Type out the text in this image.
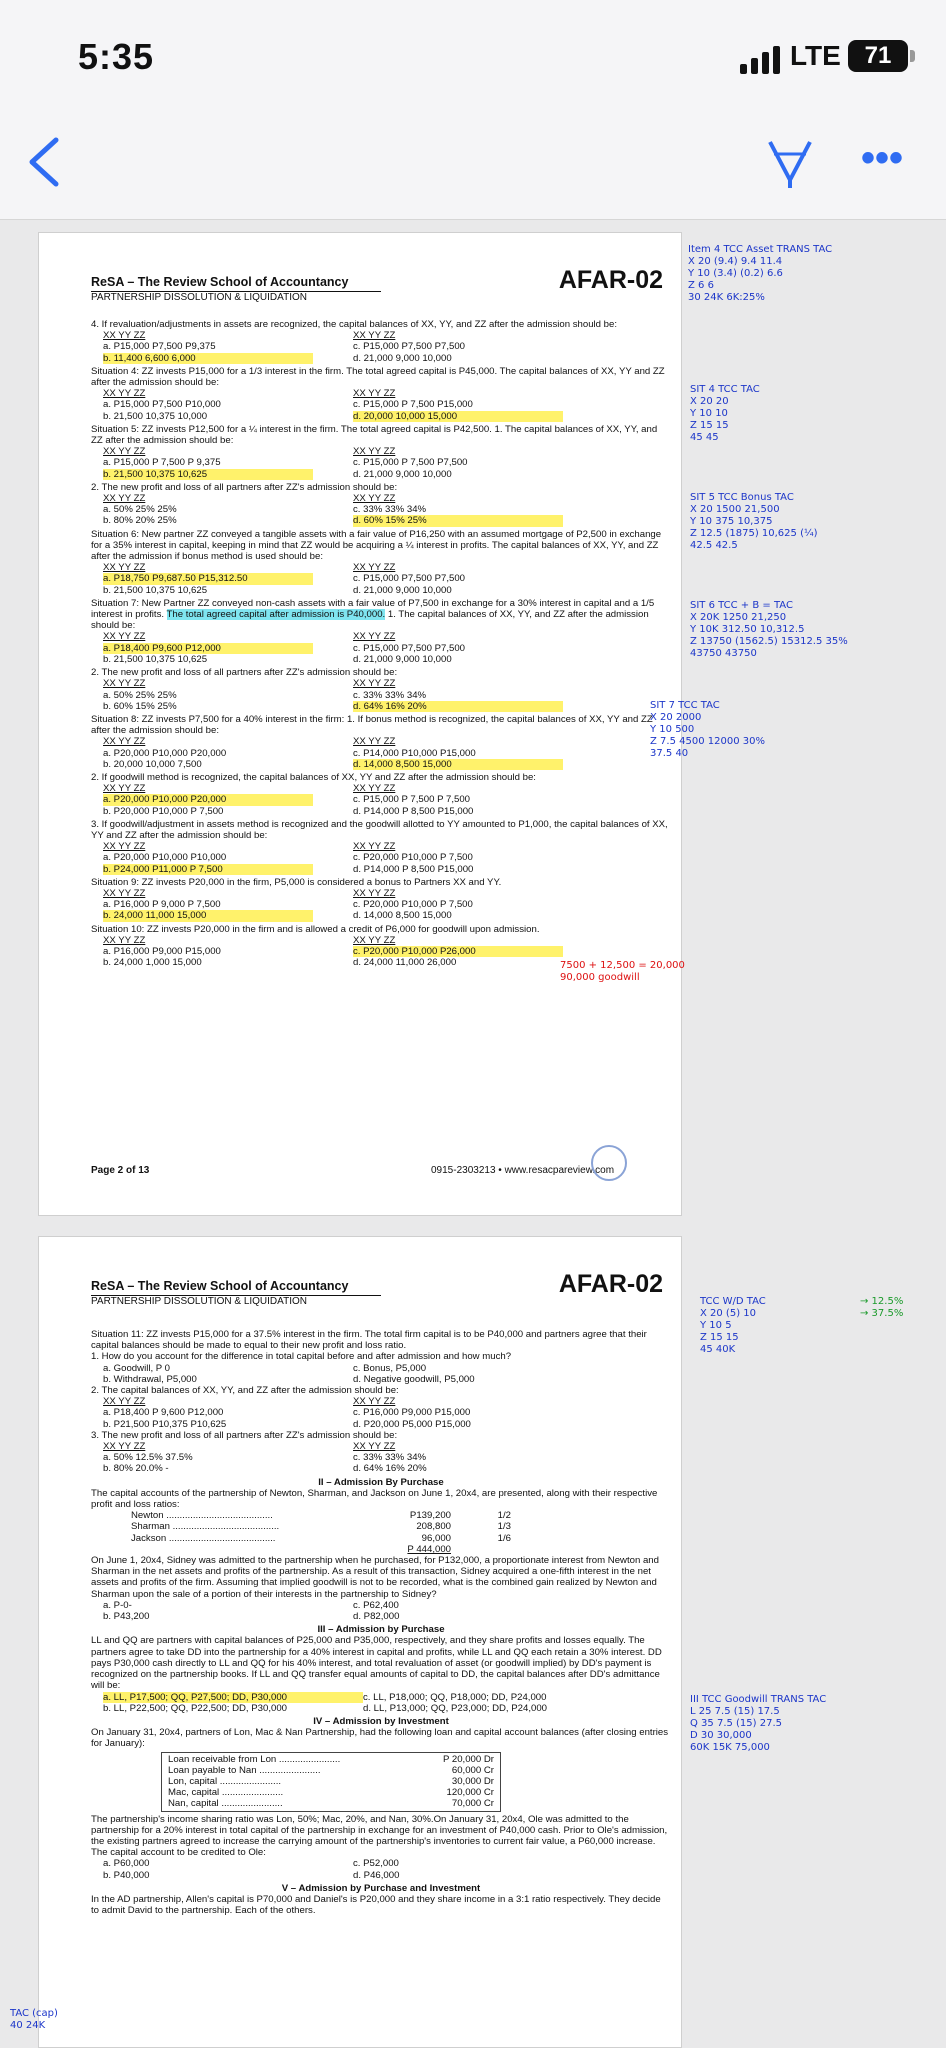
5:35	LTE 71
•••
ReSA – The Review School of Accountancy
PARTNERSHIP DISSOLUTION & LIQUIDATION
AFAR-02
4. If revaluation/adjustments in assets are recognized, the capital balances of XX, YY, and ZZ after the admission should be:
XX YY ZZ	XX YY ZZ
a. P15,000 P7,500 P9,375	c. P15,000 P7,500 P7,500
b. 11,400 6,600 6,000	d. 21,000 9,000 10,000
Situation 4: ZZ invests P15,000 for a 1/3 interest in the firm. The total agreed capital is P45,000. The capital balances of XX, YY and ZZ after the admission should be:
XX YY ZZ	XX YY ZZ
a. P15,000 P7,500 P10,000	c. P15,000 P 7,500 P15,000
b. 21,500 10,375 10,000	d. 20,000 10,000 15,000
Situation 5: ZZ invests P12,500 for a ¼ interest in the firm. The total agreed capital is P42,500. 1. The capital balances of XX, YY, and ZZ after the admission should be:
XX YY ZZ	XX YY ZZ
a. P15,000 P 7,500 P 9,375	c. P15,000 P 7,500 P7,500
b. 21,500 10,375 10,625	d. 21,000 9,000 10,000
2. The new profit and loss of all partners after ZZ's admission should be:
XX YY ZZ	XX YY ZZ
a. 50% 25% 25%	c. 33% 33% 34%
b. 80% 20% 25%	d. 60% 15% 25%
Situation 6: New partner ZZ conveyed a tangible assets with a fair value of P16,250 with an assumed mortgage of P2,500 in exchange for a 35% interest in capital, keeping in mind that ZZ would be acquiring a ¼ interest in profits. The capital balances of XX, YY, and ZZ after the admission if bonus method is used should be:
XX YY ZZ	XX YY ZZ
a. P18,750 P9,687.50 P15,312.50	c. P15,000 P7,500 P7,500
b. 21,500 10,375 10,625	d. 21,000 9,000 10,000
Situation 7: New Partner ZZ conveyed non-cash assets with a fair value of P7,500 in exchange for a 30% interest in capital and a 1/5 interest in profits. The total agreed capital after admission is P40,000. 1. The capital balances of XX, YY, and ZZ after the admission should be:
XX YY ZZ	XX YY ZZ
a. P18,400 P9,600 P12,000	c. P15,000 P7,500 P7,500
b. 21,500 10,375 10,625	d. 21,000 9,000 10,000
2. The new profit and loss of all partners after ZZ's admission should be:
XX YY ZZ	XX YY ZZ
a. 50% 25% 25%	c. 33% 33% 34%
b. 60% 15% 25%	d. 64% 16% 20%
Situation 8: ZZ invests P7,500 for a 40% interest in the firm: 1. If bonus method is recognized, the capital balances of XX, YY and ZZ after the admission should be:
XX YY ZZ	XX YY ZZ
a. P20,000 P10,000 P20,000	c. P14,000 P10,000 P15,000
b. 20,000 10,000 7,500	d. 14,000 8,500 15,000
2. If goodwill method is recognized, the capital balances of XX, YY and ZZ after the admission should be:
XX YY ZZ	XX YY ZZ
a. P20,000 P10,000 P20,000	c. P15,000 P 7,500 P 7,500
b. P20,000 P10,000 P 7,500	d. P14,000 P 8,500 P15,000
3. If goodwill/adjustment in assets method is recognized and the goodwill allotted to YY amounted to P1,000, the capital balances of XX, YY and ZZ after the admission should be:
XX YY ZZ	XX YY ZZ
a. P20,000 P10,000 P10,000	c. P20,000 P10,000 P 7,500
b. P24,000 P11,000 P 7,500	d. P14,000 P 8,500 P15,000
Situation 9: ZZ invests P20,000 in the firm, P5,000 is considered a bonus to Partners XX and YY.
XX YY ZZ	XX YY ZZ
a. P16,000 P 9,000 P 7,500	c. P20,000 P10,000 P 7,500
b. 24,000 11,000 15,000	d. 14,000 8,500 15,000
Situation 10: ZZ invests P20,000 in the firm and is allowed a credit of P6,000 for goodwill upon admission.
XX YY ZZ	XX YY ZZ
a. P16,000 P9,000 P15,000	c. P20,000 P10,000 P26,000
b. 24,000 1,000 15,000	d. 24,000 11,000 26,000
Page 2 of 13	0915-2303213 • www.resacpareview.com
ReSA – The Review School of Accountancy
PARTNERSHIP DISSOLUTION & LIQUIDATION
AFAR-02
Situation 11: ZZ invests P15,000 for a 37.5% interest in the firm. The total firm capital is to be P40,000 and partners agree that their capital balances should be made to equal to their new profit and loss ratio.
1. How do you account for the difference in total capital before and after admission and how much?
a. Goodwill, P 0	c. Bonus, P5,000
b. Withdrawal, P5,000	d. Negative goodwill, P5,000
2. The capital balances of XX, YY, and ZZ after the admission should be:
XX YY ZZ	XX YY ZZ
a. P18,400 P 9,600 P12,000	c. P16,000 P9,000 P15,000
b. P21,500 P10,375 P10,625	d. P20,000 P5,000 P15,000
3. The new profit and loss of all partners after ZZ's admission should be:
XX YY ZZ	XX YY ZZ
a. 50% 12.5% 37.5%	c. 33% 33% 34%
b. 80% 20.0% -	d. 64% 16% 20%
II – Admission By Purchase
The capital accounts of the partnership of Newton, Sharman, and Jackson on June 1, 20x4, are presented, along with their respective profit and loss ratios:
Newton ........................................	P139,200	1/2
Sharman ........................................	208,800	1/3
Jackson ........................................	96,000	1/6
P 444,000
On June 1, 20x4, Sidney was admitted to the partnership when he purchased, for P132,000, a proportionate interest from Newton and Sharman in the net assets and profits of the partnership. As a result of this transaction, Sidney acquired a one-fifth interest in the net assets and profits of the firm. Assuming that implied goodwill is not to be recorded, what is the combined gain realized by Newton and Sharman upon the sale of a portion of their interests in the partnership to Sidney?
a. P-0-	c. P62,400
b. P43,200	d. P82,000
III – Admission by Purchase
LL and QQ are partners with capital balances of P25,000 and P35,000, respectively, and they share profits and losses equally. The partners agree to take DD into the partnership for a 40% interest in capital and profits, while LL and QQ each retain a 30% interest. DD pays P30,000 cash directly to LL and QQ for his 40% interest, and total revaluation of asset (or goodwill implied) by DD's payment is recognized on the partnership books. If LL and QQ transfer equal amounts of capital to DD, the capital balances after DD's admittance will be:
a. LL, P17,500; QQ, P27,500; DD, P30,000	c. LL, P18,000; QQ, P18,000; DD, P24,000
b. LL, P22,500; QQ, P22,500; DD, P30,000	d. LL, P13,000; QQ, P23,000; DD, P24,000
IV – Admission by Investment
On January 31, 20x4, partners of Lon, Mac & Nan Partnership, had the following loan and capital account balances (after closing entries for January):
Loan receivable from Lon .......................	P 20,000 Dr
Loan payable to Nan .......................	60,000 Cr
Lon, capital .......................	30,000 Dr
Mac, capital .......................	120,000 Cr
Nan, capital .......................	70,000 Cr
The partnership's income sharing ratio was Lon, 50%; Mac, 20%, and Nan, 30%.On January 31, 20x4, Ole was admitted to the partnership for a 20% interest in total capital of the partnership in exchange for an investment of P40,000 cash. Prior to Ole's admission, the existing partners agreed to increase the carrying amount of the partnership's inventories to current fair value, a P60,000 increase. The capital account to be credited to Ole:
a. P60,000	c. P52,000
b. P40,000	d. P46,000
V – Admission by Purchase and Investment
In the AD partnership, Allen's capital is P70,000 and Daniel's is P20,000 and they share income in a 3:1 ratio respectively. They decide to admit David to the partnership. Each of the others.
Item 4 TCC Asset TRANS TAC
X 20 (9.4) 9.4 11.4
Y 10 (3.4) (0.2) 6.6
Z 6 6
30 24K 6K:25%
SIT 4 TCC TAC
X 20 20
Y 10 10
Z 15 15
45 45
SIT 5 TCC Bonus TAC
X 20 1500 21,500
Y 10 375 10,375
Z 12.5 (1875) 10,625 (¼)
42.5 42.5
SIT 6 TCC + B = TAC
X 20K 1250 21,250
Y 10K 312.50 10,312.5
Z 13750 (1562.5) 15312.5 35%
43750 43750
SIT 7 TCC TAC
X 20 2000
Y 10 500
Z 7.5 4500 12000 30%
37.5 40
7500 + 12,500 = 20,000
90,000 goodwill
→ 12.5%
→ 37.5%
TCC W/D TAC
X 20 (5) 10
Y 10 5
Z 15 15
45 40K
III TCC Goodwill TRANS TAC
L 25 7.5 (15) 17.5
Q 35 7.5 (15) 27.5
D 30 30,000
60K 15K 75,000
TAC (cap)
40 24K
